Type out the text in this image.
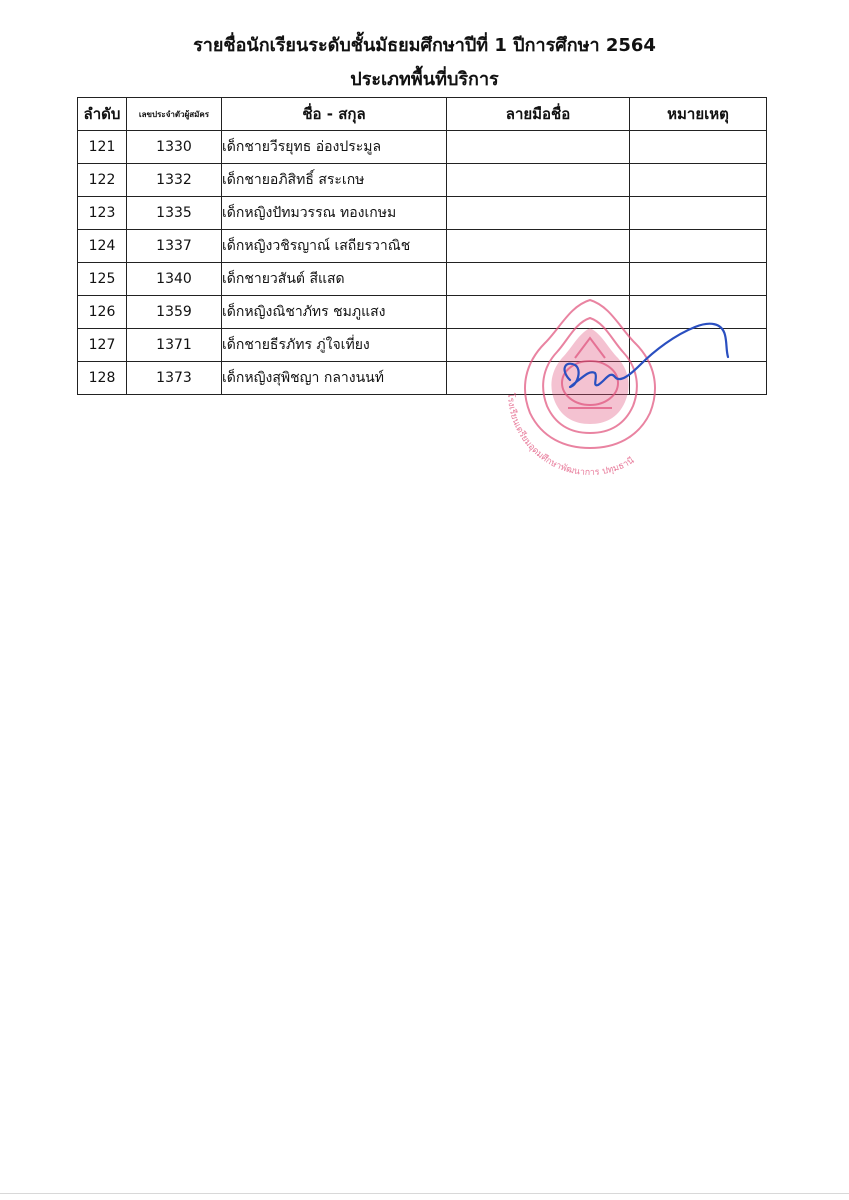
รายชื่อนักเรียนระดับชั้นมัธยมศึกษาปีที่ 1 ปีการศึกษา 2564
ประเภทพื้นที่บริการ
ลำดับ	เลขประจำตัวผู้สมัคร	ชื่อ - สกุล	ลายมือชื่อ	หมายเหตุ
121	1330	เด็กชายวีรยุทธ อ่องประมูล		
122	1332	เด็กชายอภิสิทธิ์ สระเกษ		
123	1335	เด็กหญิงปัทมวรรณ ทองเกษม		
124	1337	เด็กหญิงวชิรญาณ์ เสถียรวาณิช		
125	1340	เด็กชายวสันต์ สีแสด		
126	1359	เด็กหญิงณิชาภัทร ชมภูแสง		
127	1371	เด็กชายธีรภัทร ภู่ใจเที่ยง		
128	1373	เด็กหญิงสุพิชญา กลางนนท์		
โรงเรียนเตรียมอุดมศึกษาพัฒนาการ ปทุมธานี
